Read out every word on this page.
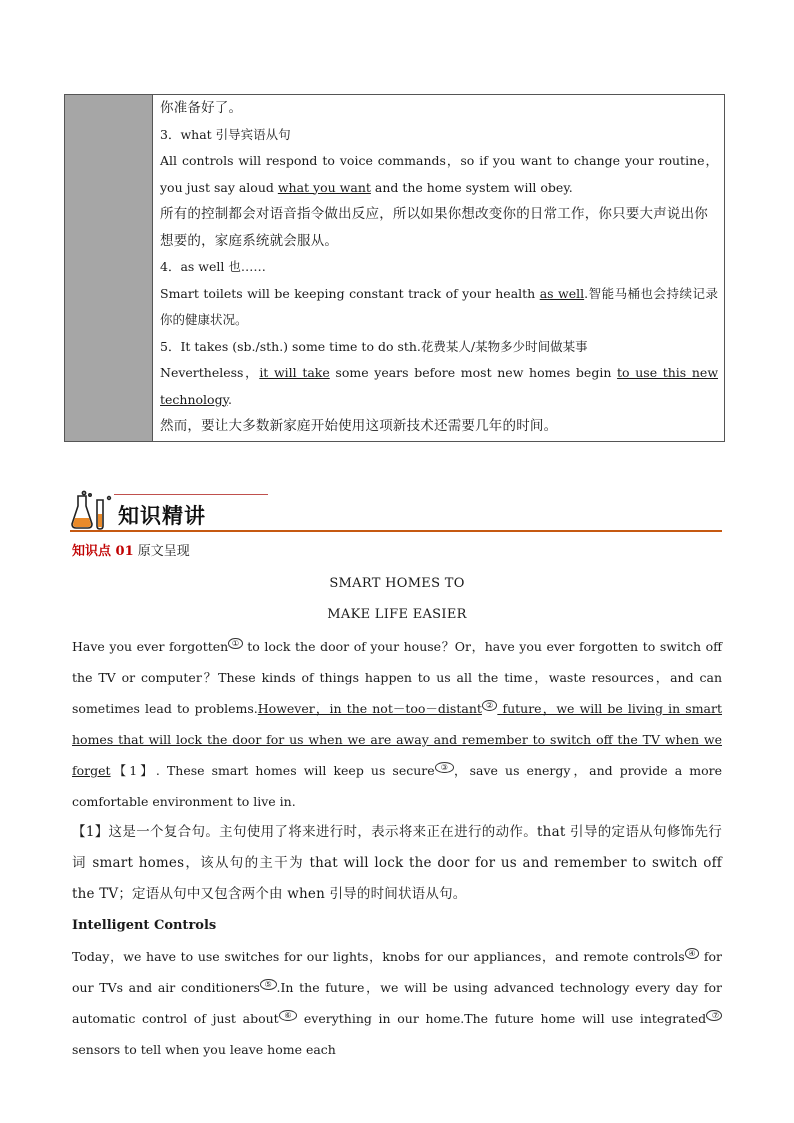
你准备好了。

3．what 引导宾语从句

All controls will respond to voice commands，so if you want to change your routine，you just say aloud what you want and the home system will obey.

所有的控制都会对语音指令做出反应，所以如果你想改变你的日常工作，你只要大声说出你想要的，家庭系统就会服从。

4．as well 也……

Smart toilets will be keeping constant track of your health as well.智能马桶也会持续记录你的健康状况。

5．It takes (sb./sth.) some time to do sth.花费某人/某物多少时间做某事

Nevertheless，it will take some years before most new homes begin to use this new technology.

然而，要让大多数新家庭开始使用这项新技术还需要几年的时间。

知识精讲
知识点 01 原文呈现
SMART HOMES TO
MAKE LIFE EASIER

Have you ever forgotten ① to lock the door of your house？Or，have you ever forgotten to switch off the TV or computer？These kinds of things happen to us all the time，waste resources，and can sometimes lead to problems.However，in the not－too－distant ② future，we will be living in smart homes that will lock the door for us when we are away and remember to switch off the TV when we forget【1】. These smart homes will keep us secure ③ ，save us energy，and provide a more comfortable environment to live in.

【1】这是一个复合句。主句使用了将来进行时，表示将来正在进行的动作。that 引导的定语从句修饰先行词 smart homes，该从句的主干为 that will lock the door for us and remember to switch off the TV；定语从句中又包含两个由 when 引导的时间状语从句。

Intelligent Controls

Today，we have to use switches for our lights，knobs for our appliances，and remote controls ④ for our TVs and air conditioners ⑤ .In the future，we will be using advanced technology every day for automatic control of just about ⑥ everything in our home.The future home will use integrated ⑦ sensors to tell when you leave home each
